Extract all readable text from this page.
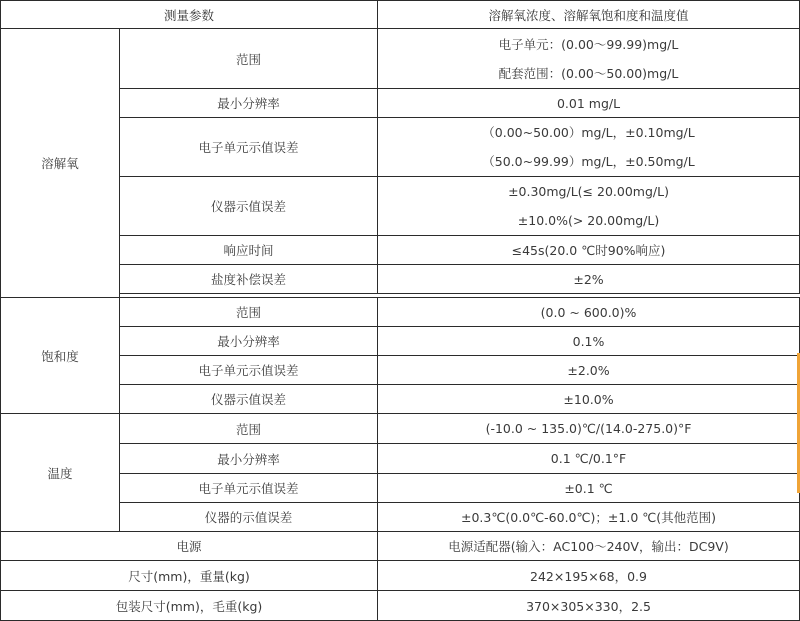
测量参数		溶解氧浓度、溶解氧饱和度和温度值
溶解氧	范围	电子单元：(0.00～99.99)mg/L
配套范围：(0.00～50.00)mg/L

	最小分辨率	0.01 mg/L
	电子单元示值误差	（0.00~50.00）mg/L，±0.10mg/L
（50.0~99.99）mg/L，±0.50mg/L

	仪器示值误差	±0.30mg/L(≤ 20.00mg/L)
±10.0%(> 20.00mg/L)

	响应时间	≤45s(20.0 ℃时90%响应)
	盐度补偿误差	±2%

饱和度	范围	(0.0 ~ 600.0)%
	最小分辨率	0.1%
	电子单元示值误差	±2.0%
	仪器示值误差	±10.0%
温度	范围	(-10.0 ~ 135.0)℃/(14.0-275.0)°F
	最小分辨率	0.1 ℃/0.1°F
	电子单元示值误差	±0.1 ℃
	仪器的示值误差	±0.3℃(0.0℃-60.0℃)；±1.0 ℃(其他范围)
电源		电源适配器(输入：AC100～240V，输出：DC9V)
尺寸(mm)，重量(kg)		242×195×68，0.9
包装尺寸(mm)，毛重(kg)		370×305×330，2.5
